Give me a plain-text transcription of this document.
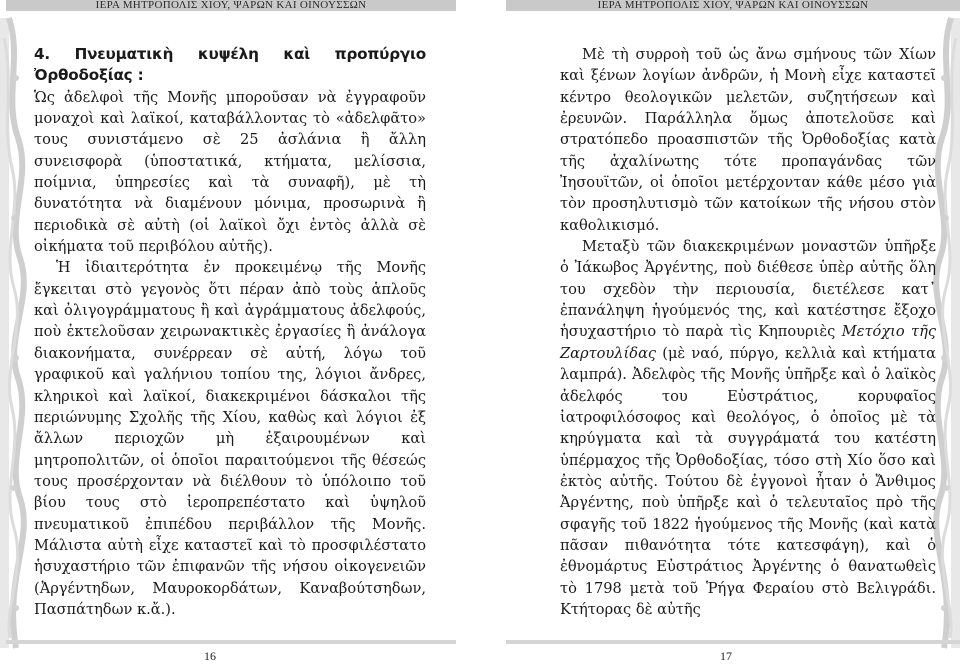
ΙΕΡΑ ΜΗΤΡΟΠΟΛΙΣ ΧΙΟΥ, ΨΑΡΩΝ ΚΑΙ ΟΙΝΟΥΣΣΩΝ
4. Πνευματικὴ κυψέλη καὶ προπύργιο Ὀρθοδοξίας :

Ὡς ἀδελφοὶ τῆς Μονῆς μποροῦσαν νὰ ἐγγραφοῦν μοναχοὶ καὶ λαϊκοί, καταβάλλοντας τὸ «ἀδελφᾶτο» τους συνιστάμενο σὲ 25 ἀσλάνια ἢ ἄλλη συνεισφορὰ (ὑποστατικά, κτήματα, μελίσσια, ποίμνια, ὑπηρεσίες καὶ τὰ συναφῆ), μὲ τὴ δυνατότητα νὰ διαμένουν μόνιμα, προσωρινὰ ἢ περιοδικὰ σὲ αὐτὴ (οἱ λαϊκοὶ ὄχι ἐντὸς ἀλλὰ σὲ οἰκήματα τοῦ περιβόλου αὐτῆς).

Ἡ ἰδιαιτερότητα ἐν προκειμένῳ τῆς Μονῆς ἔγκειται στὸ γεγονὸς ὅτι πέραν ἀπὸ τοὺς ἁπλοῦς καὶ ὀλιγογράμματους ἢ καὶ ἀγράμματους ἀδελφούς, ποὺ ἐκτελοῦσαν χειρωνακτικὲς ἐργασίες ἢ ἀνάλογα διακονήματα, συνέρρεαν σὲ αὐτή, λόγω τοῦ γραφικοῦ καὶ γαλήνιου τοπίου της, λόγιοι ἄνδρες, κληρικοὶ καὶ λαϊκοί, διακεκριμένοι δάσκαλοι τῆς περιώνυμης Σχολῆς τῆς Χίου, καθὼς καὶ λόγιοι ἐξ ἄλλων περιοχῶν μὴ ἐξαιρουμένων καὶ μητροπολιτῶν, οἱ ὁποῖοι παραιτούμενοι τῆς θέσεώς τους προσέρχονταν νὰ διέλθουν τὸ ὑπόλοιπο τοῦ βίου τους στὸ ἱεροπρεπέστατο καὶ ὑψηλοῦ πνευματικοῦ ἐπιπέδου περιβάλλον τῆς Μονῆς. Μάλιστα αὐτὴ εἶχε καταστεῖ καὶ τὸ προσφιλέστατο ἡσυχαστήριο τῶν ἐπιφανῶν τῆς νήσου οἰκογενειῶν (Ἀργέντηδων, Μαυροκορδάτων, Καναβούτσηδων, Πασπάτηδων κ.ἄ.).

16
ΙΕΡΑ ΜΗΤΡΟΠΟΛΙΣ ΧΙΟΥ, ΨΑΡΩΝ ΚΑΙ ΟΙΝΟΥΣΣΩΝ

Μὲ τὴ συρροὴ τοῦ ὡς ἄνω σμήνους τῶν Χίων καὶ ξένων λογίων ἀνδρῶν, ἡ Μονὴ εἶχε καταστεῖ κέντρο θεολογικῶν μελετῶν, συζητήσεων καὶ ἐρευνῶν. Παράλληλα ὅμως ἀποτελοῦσε καὶ στρατόπεδο προασπιστῶν τῆς Ὀρθοδοξίας κατὰ τῆς ἀχαλίνωτης τότε προπαγάνδας τῶν Ἰησουϊτῶν, οἱ ὁποῖοι μετέρχονταν κάθε μέσο γιὰ τὸν προσηλυτισμὸ τῶν κατοίκων τῆς νήσου στὸν καθολικισμό.

Μεταξὺ τῶν διακεκριμένων μοναστῶν ὑπῆρξε ὁ Ἰάκωβος Ἀργέντης, ποὺ διέθεσε ὑπὲρ αὐτῆς ὅλη του σχεδὸν τὴν περιουσία, διετέλεσε κατ᾽ ἐπανάληψη ἡγούμενός της, καὶ κατέστησε ἔξοχο ἡσυχαστήριο τὸ παρὰ τὶς Κηπουριὲς Μετόχιο τῆς Ζαρτουλίδας (μὲ ναό, πύργο, κελλιὰ καὶ κτήματα λαμπρά). Ἀδελφὸς τῆς Μονῆς ὑπῆρξε καὶ ὁ λαϊκὸς ἀδελφός του Εὐστράτιος, κορυφαῖος ἰατροφιλόσοφος καὶ θεολόγος, ὁ ὁποῖος μὲ τὰ κηρύγματα καὶ τὰ συγγράματά του κατέστη ὑπέρμαχος τῆς Ὀρθοδοξίας, τόσο στὴ Χίο ὅσο καὶ ἐκτὸς αὐτῆς. Τούτου δὲ ἐγγονοὶ ἦταν ὁ Ἄνθιμος Ἀργέντης, ποὺ ὑπῆρξε καὶ ὁ τελευταῖος πρὸ τῆς σφαγῆς τοῦ 1822 ἡγούμενος τῆς Μονῆς (καὶ κατὰ πᾶσαν πιθανότητα τότε κατεσφάγη), καὶ ὁ ἐθνομάρτυς Εὐστράτιος Ἀργέντης ὁ θανατωθεὶς τὸ 1798 μετὰ τοῦ Ῥήγα Φεραίου στὸ Βελιγράδι. Κτήτορας δὲ αὐτῆς

17
